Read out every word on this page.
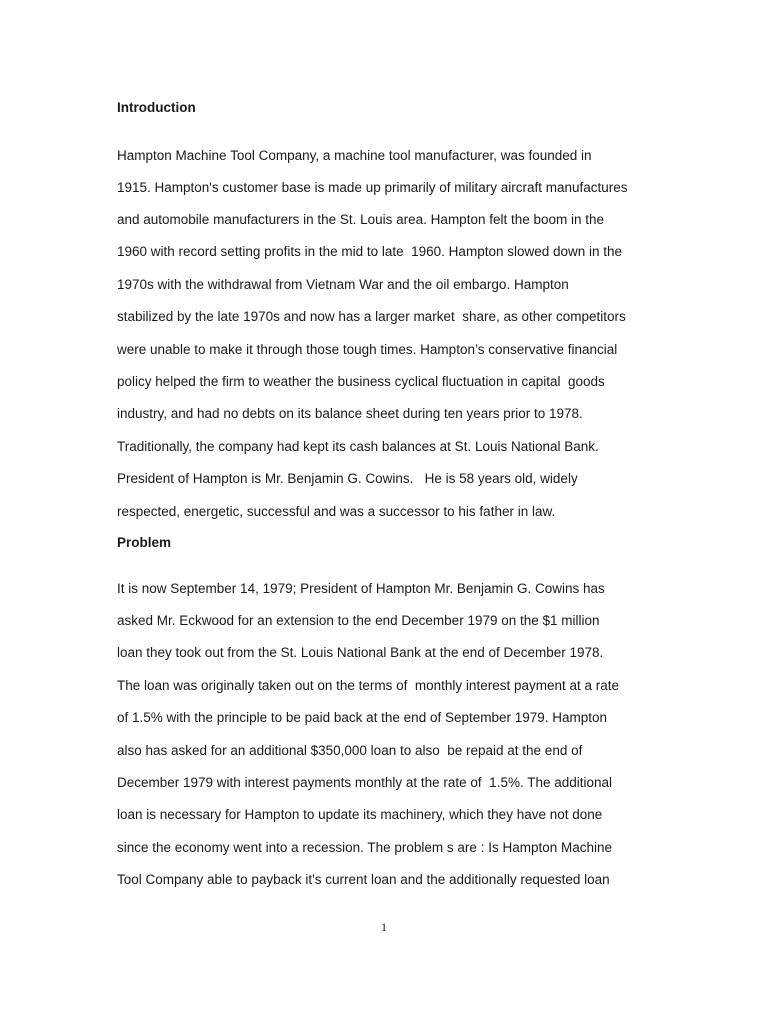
Introduction
Hampton Machine Tool Company, a machine tool manufacturer, was founded in
1915. Hampton's customer base is made up primarily of military aircraft manufactures
and automobile manufacturers in the St. Louis area. Hampton felt the boom in the
1960 with record setting profits in the mid to late  1960. Hampton slowed down in the
1970s with the withdrawal from Vietnam War and the oil embargo. Hampton
stabilized by the late 1970s and now has a larger market  share, as other competitors
were unable to make it through those tough times. Hampton’s conservative financial
policy helped the firm to weather the business cyclical fluctuation in capital  goods
industry, and had no debts on its balance sheet during ten years prior to 1978.
Traditionally, the company had kept its cash balances at St. Louis National Bank.
President of Hampton is Mr. Benjamin G. Cowins.   He is 58 years old, widely
respected, energetic, successful and was a successor to his father in law.
Problem
It is now September 14, 1979; President of Hampton Mr. Benjamin G. Cowins has
asked Mr. Eckwood for an extension to the end December 1979 on the $1 million
loan they took out from the St. Louis National Bank at the end of December 1978.
The loan was originally taken out on the terms of  monthly interest payment at a rate
of 1.5% with the principle to be paid back at the end of September 1979. Hampton
also has asked for an additional $350,000 loan to also  be repaid at the end of
December 1979 with interest payments monthly at the rate of  1.5%. The additional
loan is necessary for Hampton to update its machinery, which they have not done
since the economy went into a recession. The problem s are : Is Hampton Machine
Tool Company able to payback it's current loan and the additionally requested loan
1
